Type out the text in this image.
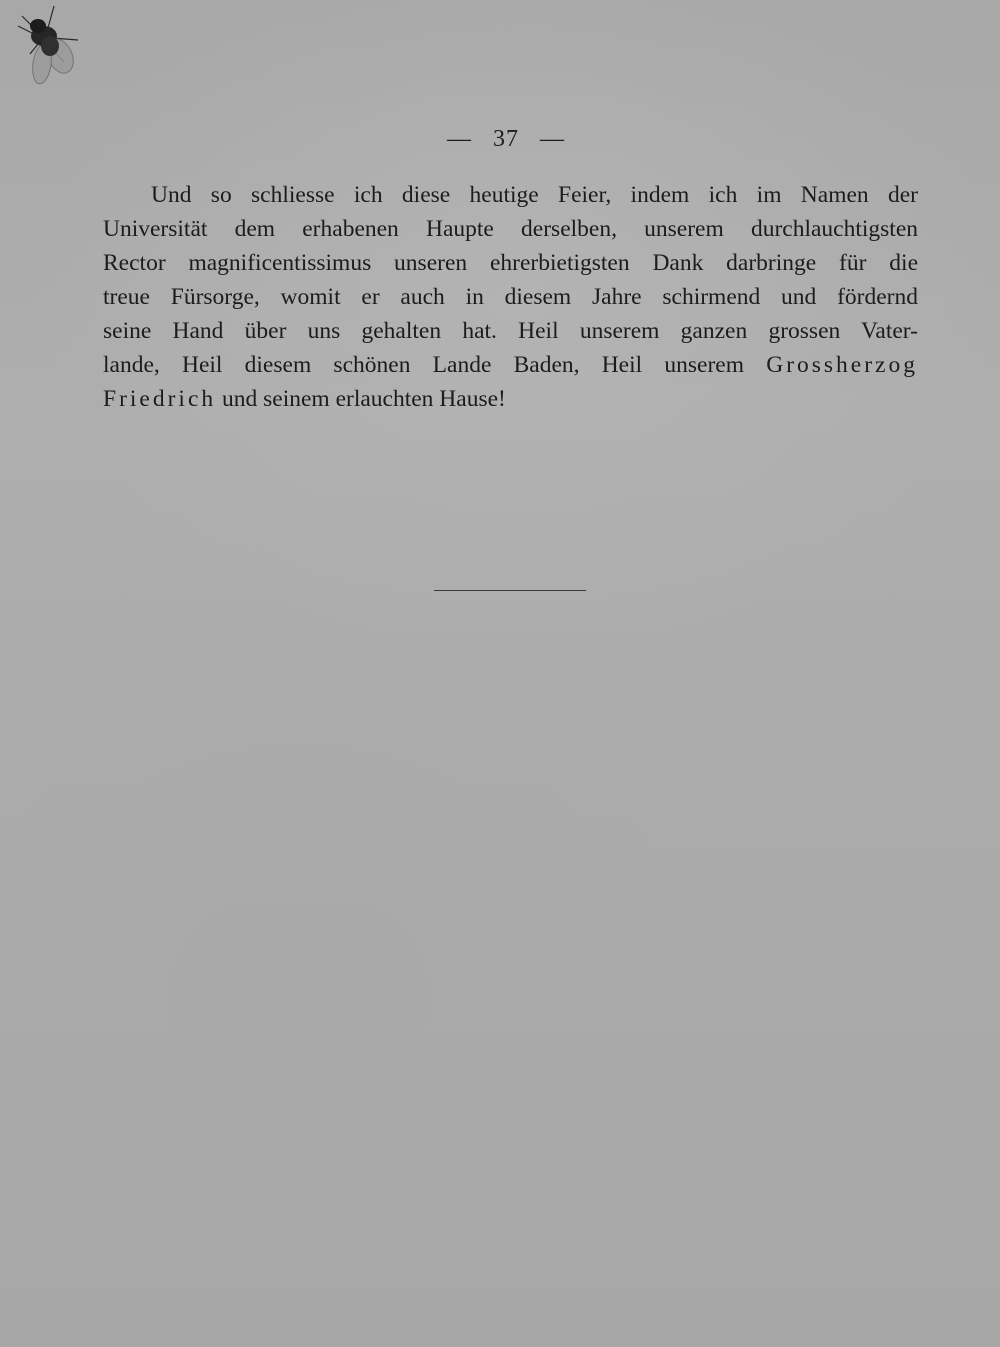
— 37 —
Und so schliesse ich diese heutige Feier, indem ich im Namen der
Universität dem erhabenen Haupte derselben, unserem durchlauchtigsten
Rector magnificentissimus unseren ehrerbietigsten Dank darbringe für die
treue Fürsorge, womit er auch in diesem Jahre schirmend und fördernd
seine Hand über uns gehalten hat. Heil unserem ganzen grossen Vater-
lande, Heil diesem schönen Lande Baden, Heil unserem Grossherzog
Friedrich und seinem erlauchten Hause!
